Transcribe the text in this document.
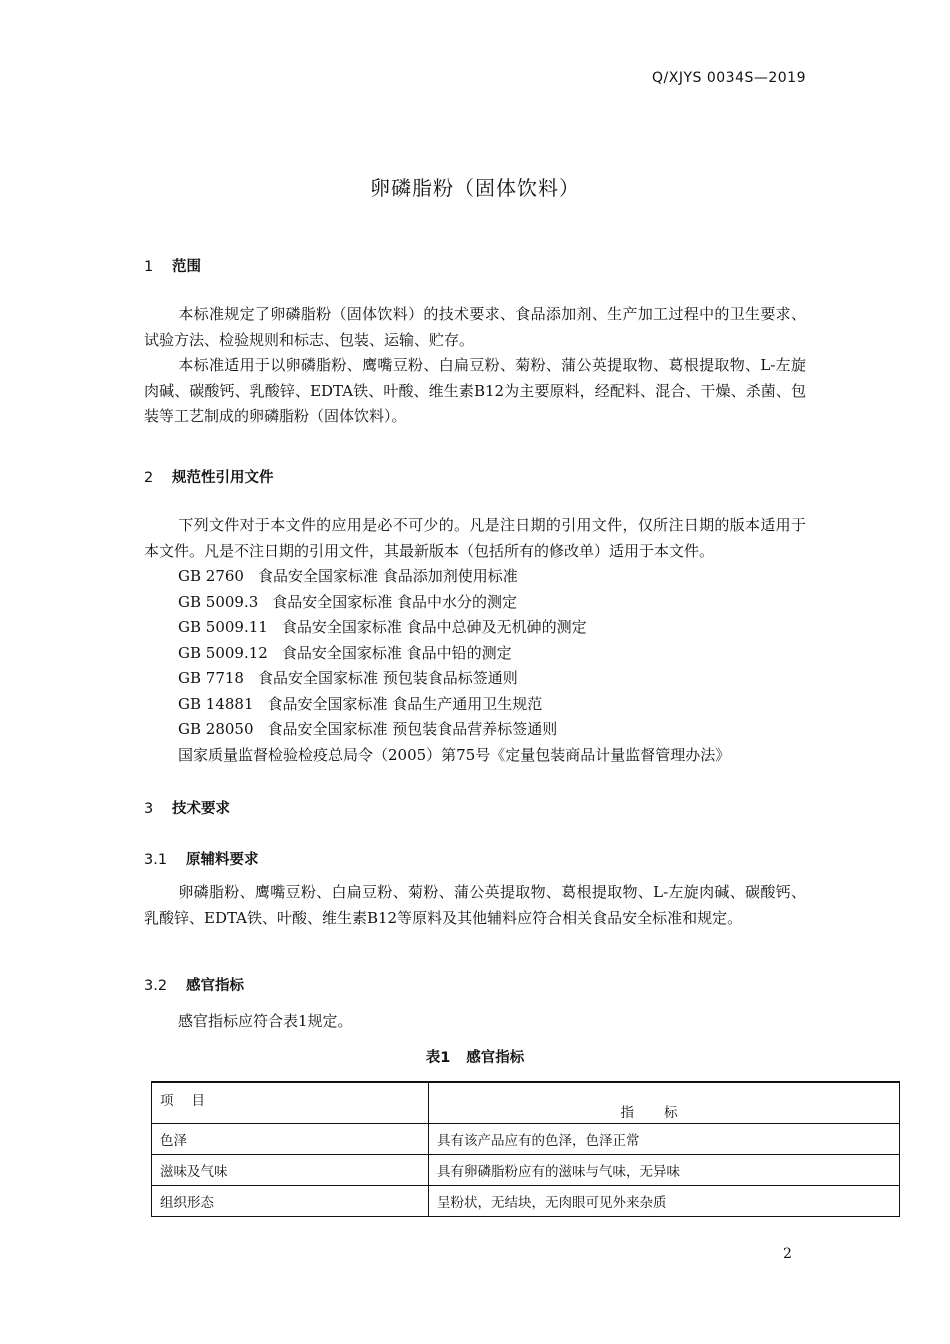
Q/XJYS 0034S—2019
卵磷脂粉（固体饮料）
1 范围
本标准规定了卵磷脂粉（固体饮料）的技术要求、食品添加剂、生产加工过程中的卫生要求、试验方法、检验规则和标志、包装、运输、贮存。
本标准适用于以卵磷脂粉、鹰嘴豆粉、白扁豆粉、菊粉、蒲公英提取物、葛根提取物、L-左旋肉碱、碳酸钙、乳酸锌、EDTA铁、叶酸、维生素B12为主要原料，经配料、混合、干燥、杀菌、包装等工艺制成的卵磷脂粉（固体饮料）。
2 规范性引用文件
下列文件对于本文件的应用是必不可少的。凡是注日期的引用文件，仅所注日期的版本适用于本文件。凡是不注日期的引用文件，其最新版本（包括所有的修改单）适用于本文件。
GB 2760 食品安全国家标准 食品添加剂使用标准
GB 5009.3 食品安全国家标准 食品中水分的测定
GB 5009.11 食品安全国家标准 食品中总砷及无机砷的测定
GB 5009.12 食品安全国家标准 食品中铅的测定
GB 7718 食品安全国家标准 预包装食品标签通则
GB 14881 食品安全国家标准 食品生产通用卫生规范
GB 28050 食品安全国家标准 预包装食品营养标签通则
国家质量监督检验检疫总局令（2005）第75号《定量包装商品计量监督管理办法》
3 技术要求
3.1 原辅料要求
卵磷脂粉、鹰嘴豆粉、白扁豆粉、菊粉、蒲公英提取物、葛根提取物、L-左旋肉碱、碳酸钙、乳酸锌、EDTA铁、叶酸、维生素B12等原料及其他辅料应符合相关食品安全标准和规定。
3.2 感官指标
感官指标应符合表1规定。
表1 感官指标
项目	指标
色泽	具有该产品应有的色泽，色泽正常
滋味及气味	具有卵磷脂粉应有的滋味与气味，无异味
组织形态	呈粉状，无结块，无肉眼可见外来杂质
2
